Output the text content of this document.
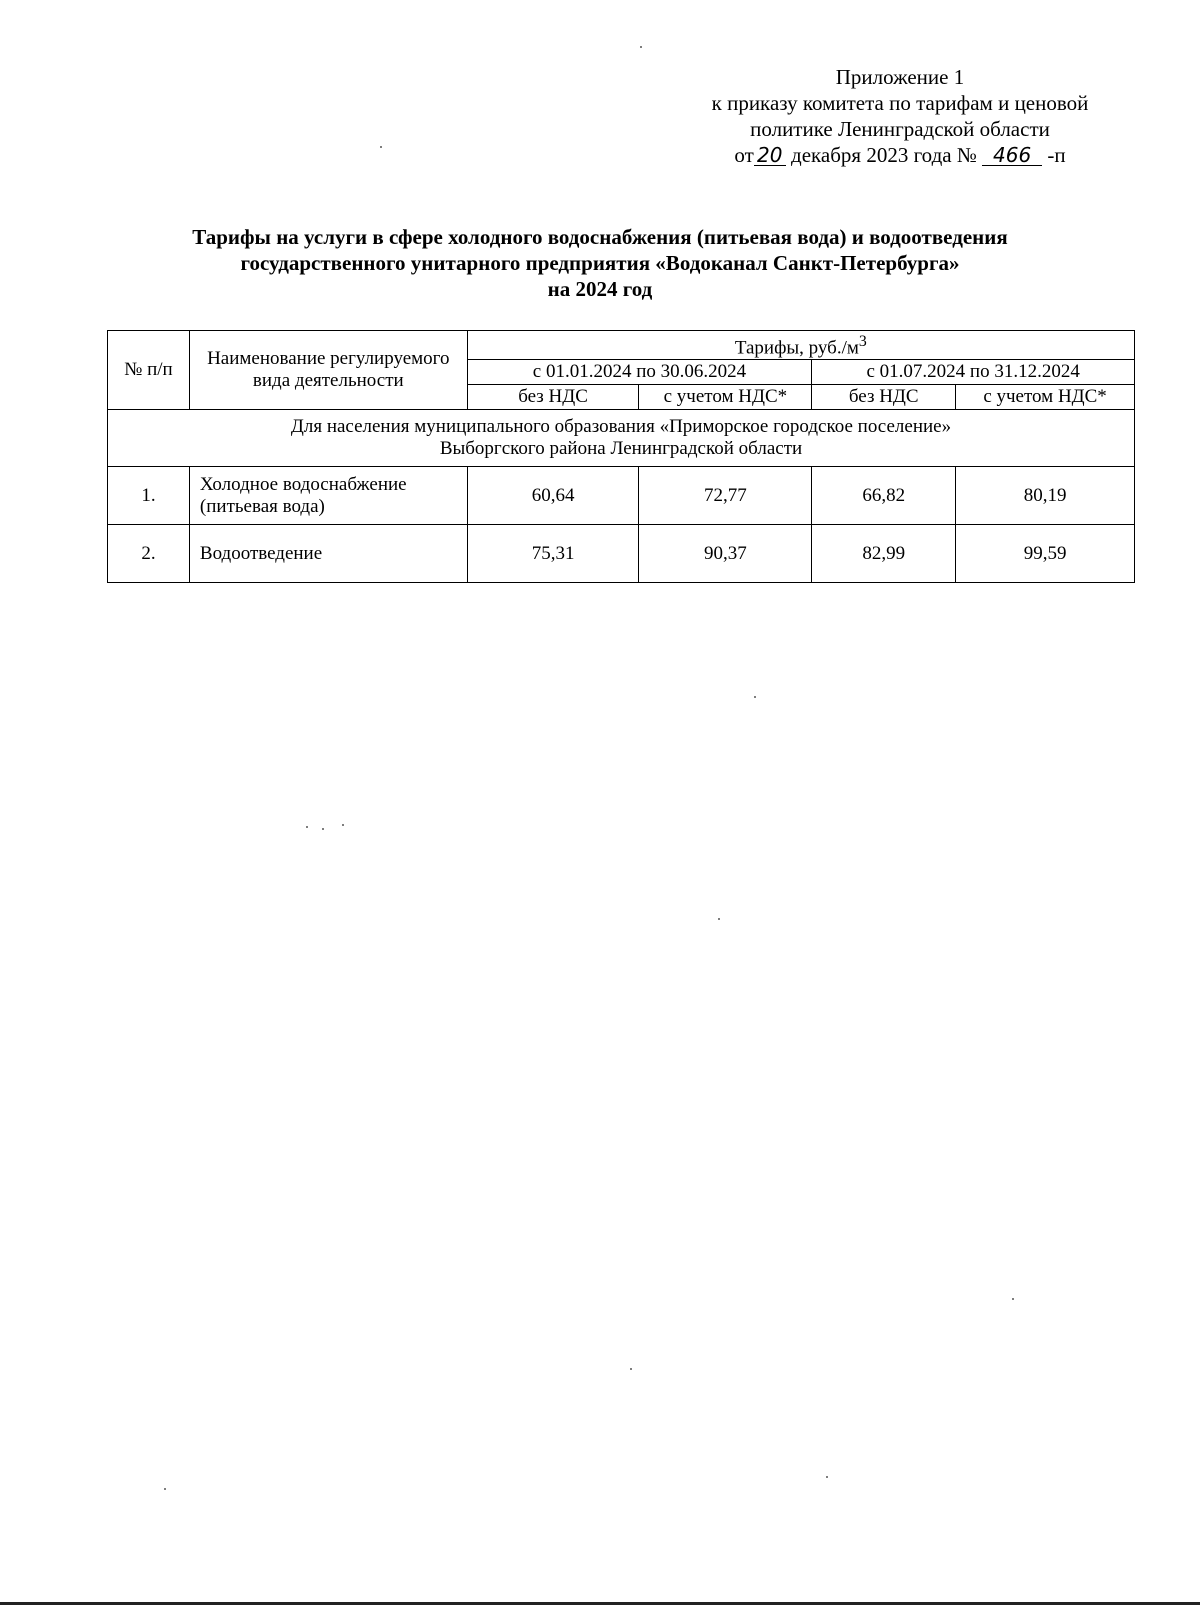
Приложение 1
к приказу комитета по тарифам и ценовой
политике Ленинградской области
от 20 декабря 2023 года № 466 -п
Тарифы на услуги в сфере холодного водоснабжения (питьевая вода) и водоотведения
государственного унитарного предприятия «Водоканал Санкт-Петербурга»
на 2024 год
№ п/п	Наименование регулируемого вида деятельности	Тарифы, $руб./м^3$
		с 01.01.2024 по 30.06.2024		с 01.07.2024 по 31.12.2024	
		без НДС	с учетом НДС*	без НДС	с учетом НДС*

Для населения муниципального образования «Приморское городское поселение»
Выборгского района Ленинградской области					

1.	Холодное водоснабжение
(питьевая вода)	60,64	72,77	66,82	80,19
2.	Водоотведение	75,31	90,37	82,99	99,59
